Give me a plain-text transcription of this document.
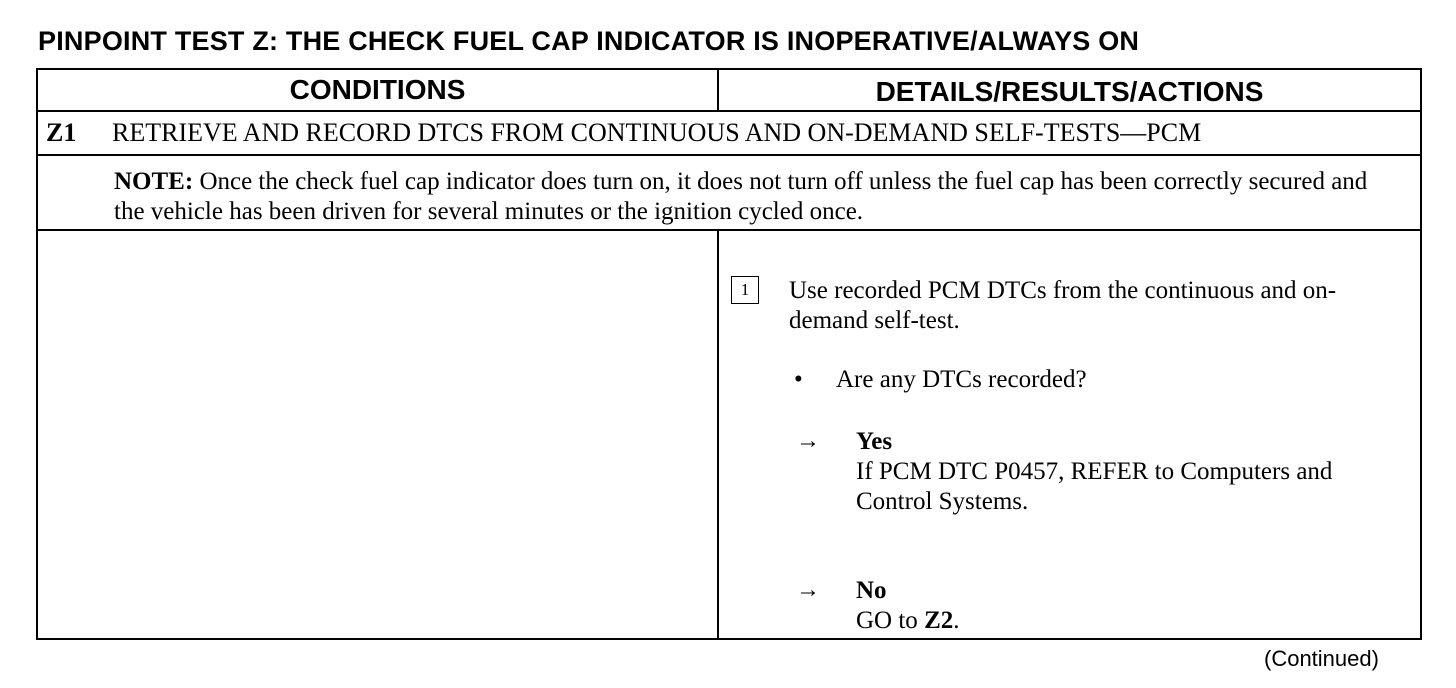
PINPOINT TEST Z: THE CHECK FUEL CAP INDICATOR IS INOPERATIVE/ALWAYS ON
CONDITIONS	DETAILS/RESULTS/ACTIONS
Z1 RETRIEVE AND RECORD DTCS FROM CONTINUOUS AND ON-DEMAND SELF-TESTS—PCM
NOTE: Once the check fuel cap indicator does turn on, it does not turn off unless the fuel cap has been correctly secured and the vehicle has been driven for several minutes or the ignition cycled once.
1	Use recorded PCM DTCs from the continuous and on-demand self-test.
• Are any DTCs recorded?
→ Yes
If PCM DTC P0457, REFER to Computers and Control Systems.
→ No
GO to Z2.
(Continued)
